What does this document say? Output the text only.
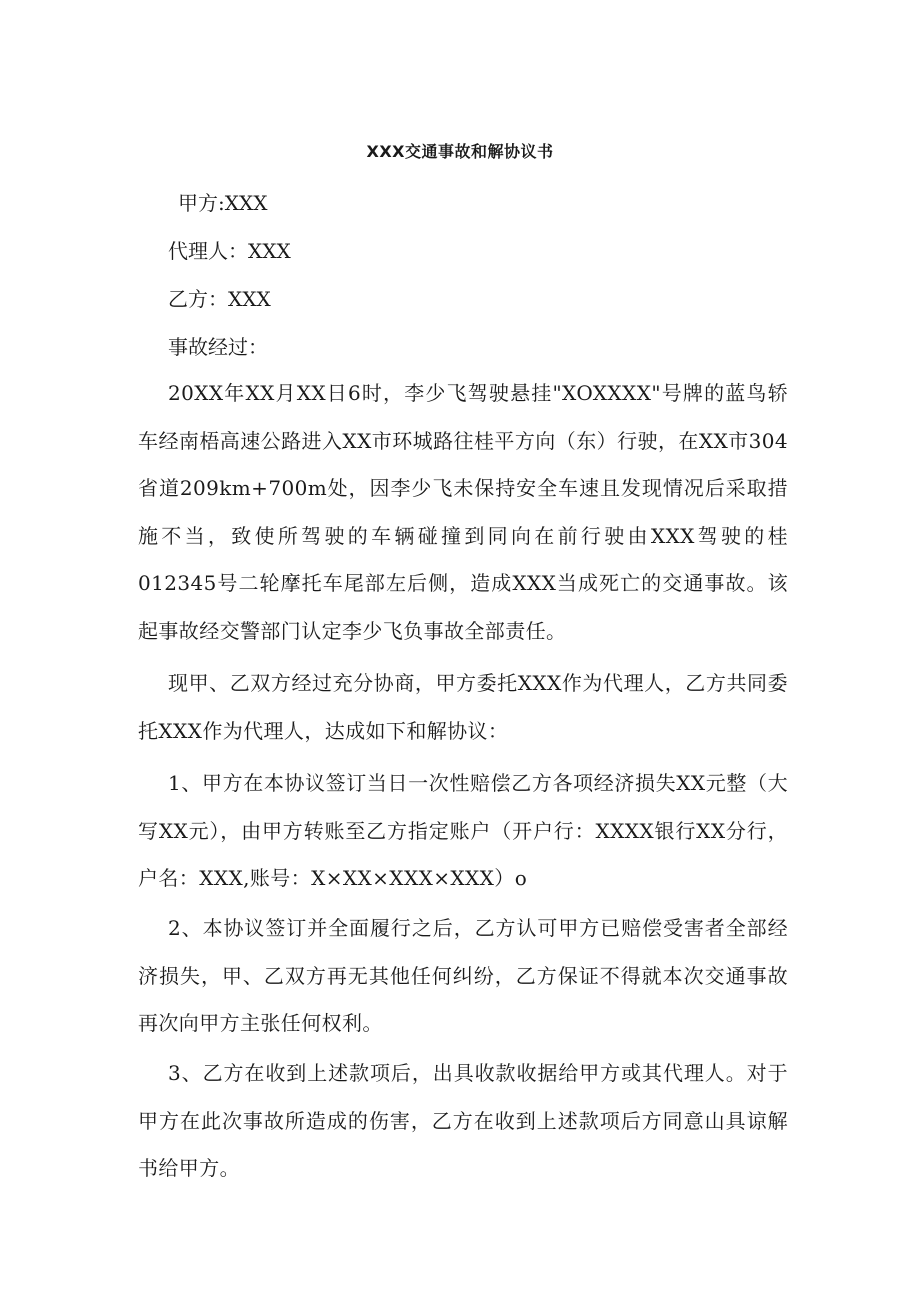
XXX交通事故和解协议书

甲方:XXX

代理人：XXX

乙方：XXX

事故经过：

20XX年XX月XX日6时，李少飞驾驶悬挂"XOXXXX"号牌的蓝鸟轿车经南梧高速公路进入XX市环城路往桂平方向（东）行驶，在XX市304省道209km+700m处，因李少飞未保持安全车速且发现情况后采取措施不当，致使所驾驶的车辆碰撞到同向在前行驶由XXX驾驶的桂012345号二轮摩托车尾部左后侧，造成XXX当成死亡的交通事故。该起事故经交警部门认定李少飞负事故全部责任。

现甲、乙双方经过充分协商，甲方委托XXX作为代理人，乙方共同委托XXX作为代理人，达成如下和解协议：

1、甲方在本协议签订当日一次性赔偿乙方各项经济损失XX元整（大写XX元），由甲方转账至乙方指定账户（开户行：XXXX银行XX分行，户名：XXX,账号：X×XX×XXX×XXX）o

2、本协议签订并全面履行之后，乙方认可甲方已赔偿受害者全部经济损失，甲、乙双方再无其他任何纠纷，乙方保证不得就本次交通事故再次向甲方主张任何权利。

3、乙方在收到上述款项后，出具收款收据给甲方或其代理人。对于甲方在此次事故所造成的伤害，乙方在收到上述款项后方同意山具谅解书给甲方。
